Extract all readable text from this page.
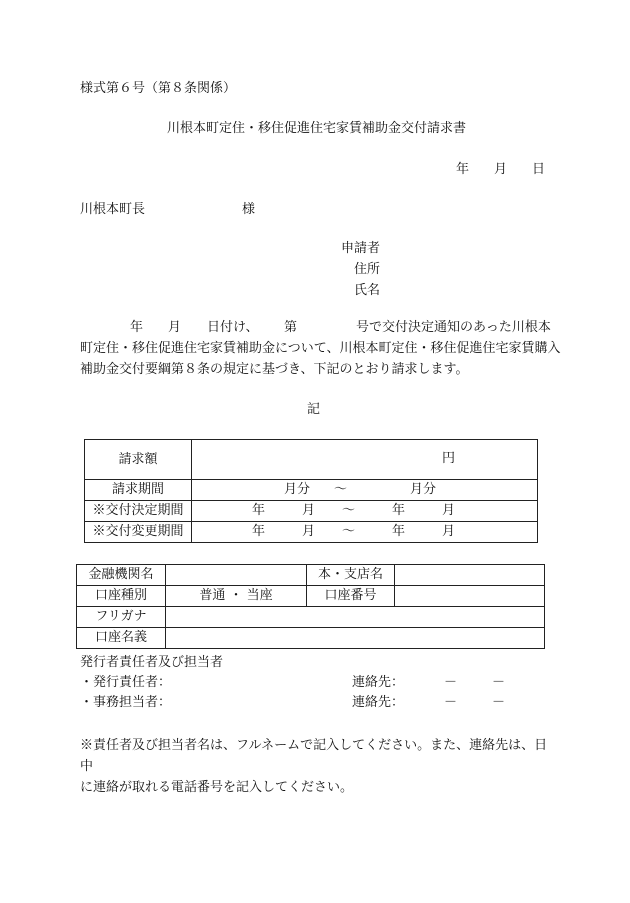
様式第６号（第８条関係）
川根本町定住・移住促進住宅家賃補助金交付請求書
年 月 日
川根本町長	様
申請者
住所
氏名
年 月 日付け、 第	号で交付決定通知のあった川根本
町定住・移住促進住宅家賃補助金について、川根本町定住・移住促進住宅家賃購入
補助金交付要綱第８条の規定に基づき、下記のとおり請求します。
記
請求額	円

請求期間	月分 ～ 月分

※交付決定期間	年 月 ～ 年 月

※交付変更期間	年 月 ～ 年 月
金融機関名		本・支店名	
口座種別	普通 ・ 当座	口座番号	
フリガナ			
口座名義			
発行者責任者及び担当者
・発行責任者：	連絡先：	－	－
・事務担当者：	連絡先：	－	－
※責任者及び担当者名は、フルネームで記入してください。また、連絡先は、日中
に連絡が取れる電話番号を記入してください。
